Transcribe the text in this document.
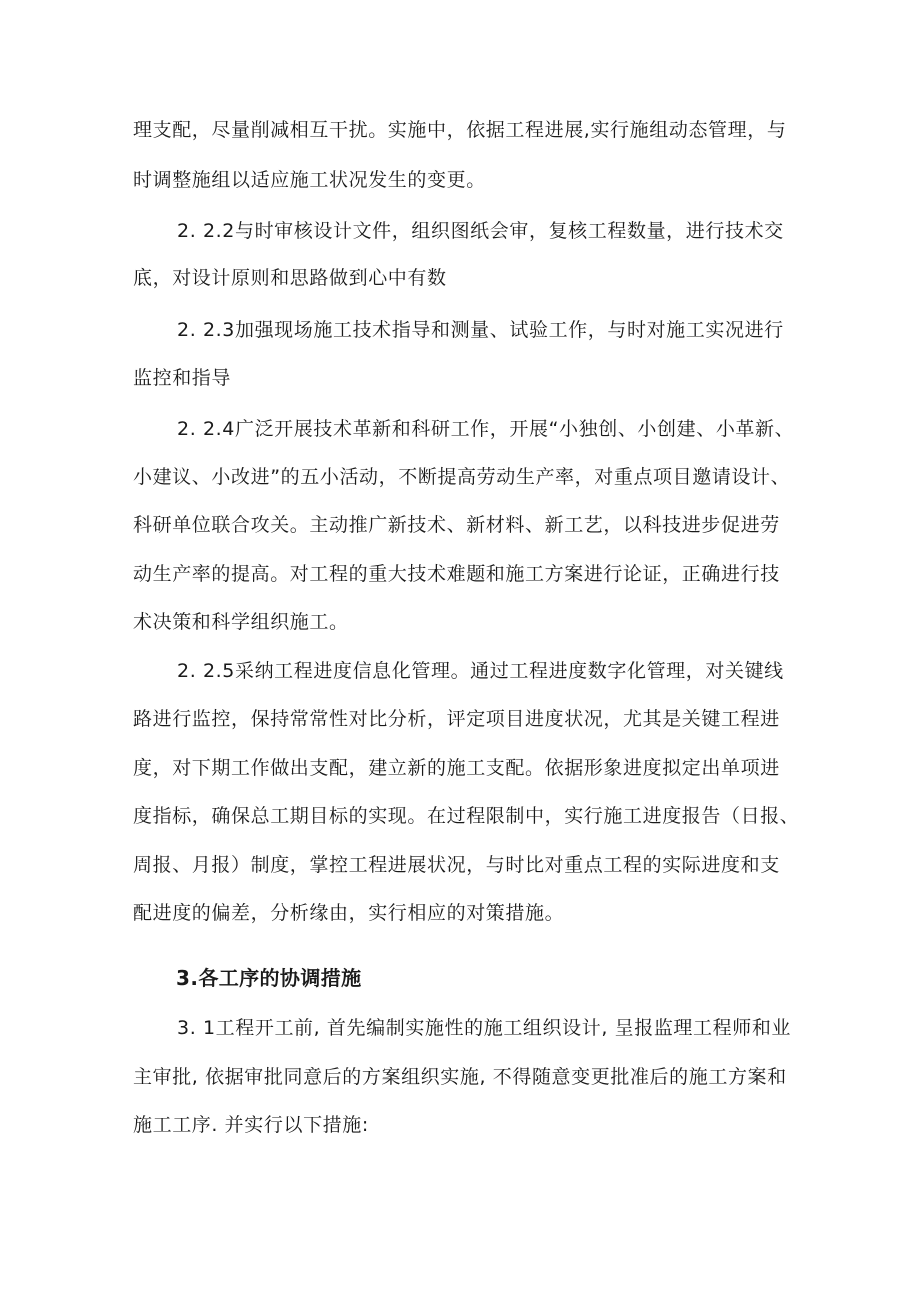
理支配，尽量削减相互干扰。实施中，依据工程进展,实行施组动态管理，与
时调整施组以适应施工状况发生的变更。
2. 2.2与时审核设计文件，组织图纸会审，复核工程数量，进行技术交
底，对设计原则和思路做到心中有数
2. 2.3加强现场施工技术指导和测量、试验工作，与时对施工实况进行
监控和指导
2. 2.4广泛开展技术革新和科研工作，开展“小独创、小创建、小革新、
小建议、小改进”的五小活动，不断提高劳动生产率，对重点项目邀请设计、
科研单位联合攻关。主动推广新技术、新材料、新工艺，以科技进步促进劳
动生产率的提高。对工程的重大技术难题和施工方案进行论证，正确进行技
术决策和科学组织施工。
2. 2.5采纳工程进度信息化管理。通过工程进度数字化管理，对关键线
路进行监控，保持常常性对比分析，评定项目进度状况，尤其是关键工程进
度，对下期工作做出支配，建立新的施工支配。依据形象进度拟定出单项进
度指标，确保总工期目标的实现。在过程限制中，实行施工进度报告（日报、
周报、月报）制度，掌控工程进展状况，与时比对重点工程的实际进度和支
配进度的偏差，分析缘由，实行相应的对策措施。
3.各工序的协调措施
3. 1工程开工前, 首先编制实施性的施工组织设计, 呈报监理工程师和业
主审批, 依据审批同意后的方案组织实施, 不得随意变更批准后的施工方案和
施工工序. 并实行以下措施:
